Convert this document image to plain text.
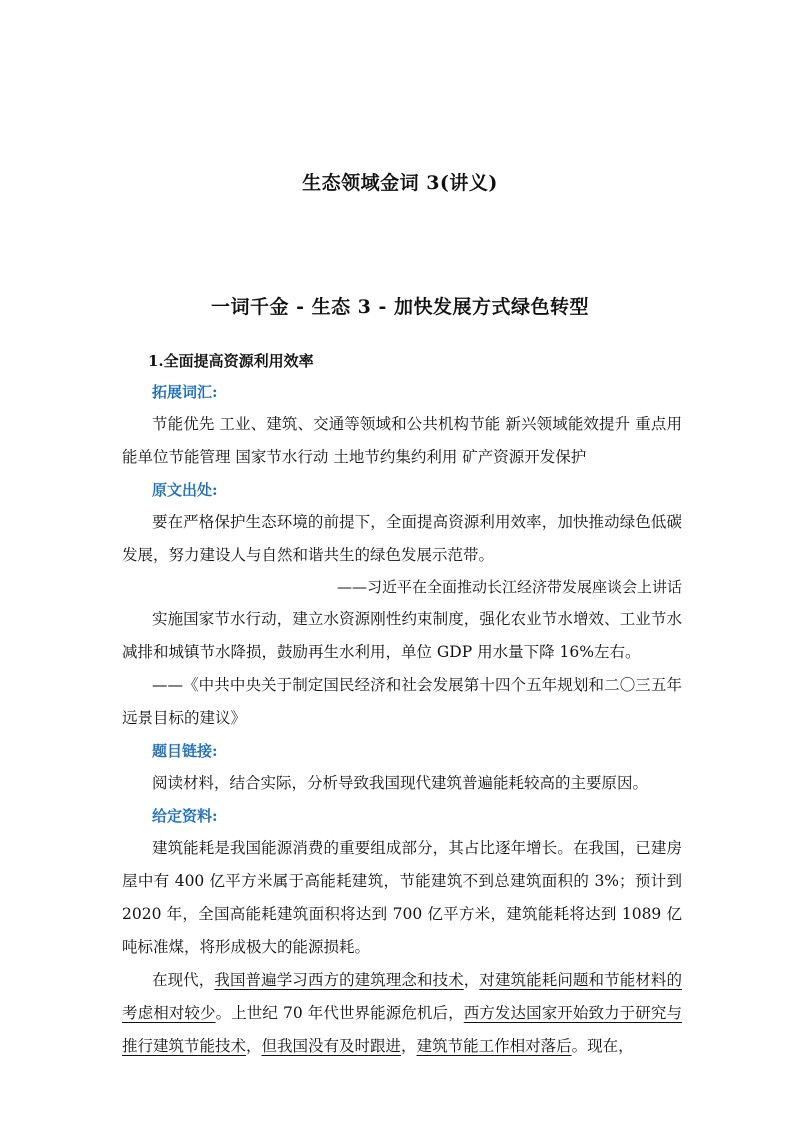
生态领域金词 3(讲义)
一词千金 - 生态 3 - 加快发展方式绿色转型
1.全面提高资源利用效率
拓展词汇:

节能优先 工业、建筑、交通等领域和公共机构节能 新兴领域能效提升 重点用能单位节能管理 国家节水行动 土地节约集约利用 矿产资源开发保护

原文出处:

要在严格保护生态环境的前提下，全面提高资源利用效率，加快推动绿色低碳发展，努力建设人与自然和谐共生的绿色发展示范带。

——习近平在全面推动长江经济带发展座谈会上讲话

实施国家节水行动，建立水资源刚性约束制度，强化农业节水增效、工业节水减排和城镇节水降损，鼓励再生水利用，单位 GDP 用水量下降 16%左右。

——《中共中央关于制定国民经济和社会发展第十四个五年规划和二〇三五年远景目标的建议》

题目链接:

阅读材料，结合实际，分析导致我国现代建筑普遍能耗较高的主要原因。

给定资料:

建筑能耗是我国能源消费的重要组成部分，其占比逐年增长。在我国，已建房屋中有 400 亿平方米属于高能耗建筑，节能建筑不到总建筑面积的 3%；预计到 2020 年，全国高能耗建筑面积将达到 700 亿平方米，建筑能耗将达到 1089 亿吨标准煤，将形成极大的能源损耗。

在现代，我国普遍学习西方的建筑理念和技术，对建筑能耗问题和节能材料的考虑相对较少。上世纪 70 年代世界能源危机后，西方发达国家开始致力于研究与推行建筑节能技术，但我国没有及时跟进，建筑节能工作相对落后。现在，
